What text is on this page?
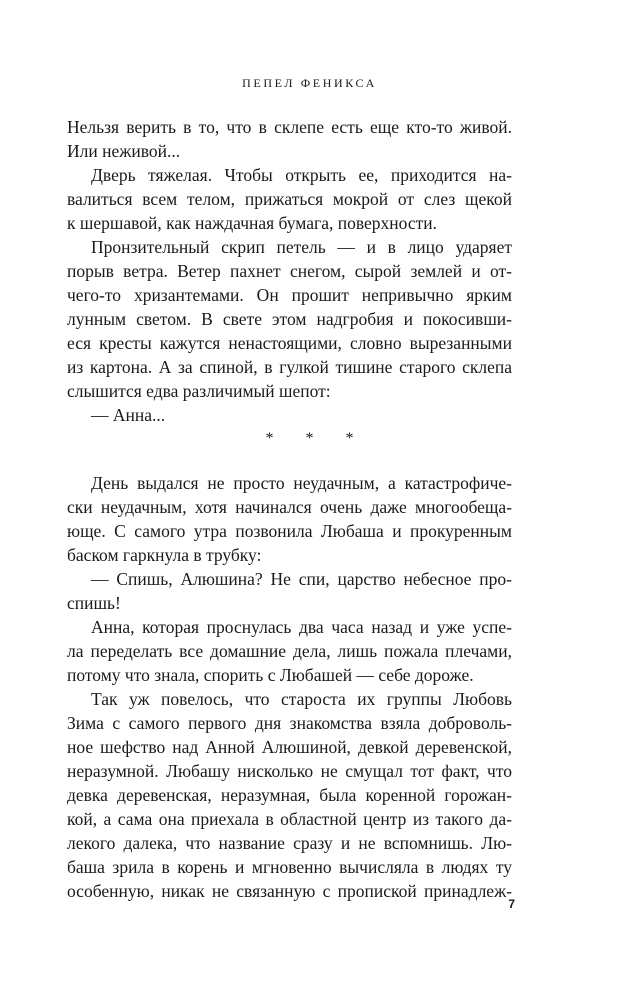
ПЕПЕЛ ФЕНИКСА
Нельзя верить в то, что в склепе есть еще кто-то живой.
Или неживой...
Дверь тяжелая. Чтобы открыть ее, приходится на-
валиться всем телом, прижаться мокрой от слез щекой
к шершавой, как наждачная бумага, поверхности.
Пронзительный скрип петель — и в лицо ударяет
порыв ветра. Ветер пахнет снегом, сырой землей и от-
чего-то хризантемами. Он прошит непривычно ярким
лунным светом. В свете этом надгробия и покосивши-
еся кресты кажутся ненастоящими, словно вырезанными
из картона. А за спиной, в гулкой тишине старого склепа
слышится едва различимый шепот:
— Анна...
* * *
День выдался не просто неудачным, а катастрофиче-
ски неудачным, хотя начинался очень даже многообеща-
юще. С самого утра позвонила Любаша и прокуренным
баском гаркнула в трубку:
— Спишь, Алюшина? Не спи, царство небесное про-
спишь!
Анна, которая проснулась два часа назад и уже успе-
ла переделать все домашние дела, лишь пожала плечами,
потому что знала, спорить с Любашей — себе дороже.
Так уж повелось, что староста их группы Любовь
Зима с самого первого дня знакомства взяла доброволь-
ное шефство над Анной Алюшиной, девкой деревенской,
неразумной. Любашу нисколько не смущал тот факт, что
девка деревенская, неразумная, была коренной горожан-
кой, а сама она приехала в областной центр из такого да-
лекого далека, что название сразу и не вспомнишь. Лю-
баша зрила в корень и мгновенно вычисляла в людях ту
особенную, никак не связанную с пропиской принадлеж-
7
